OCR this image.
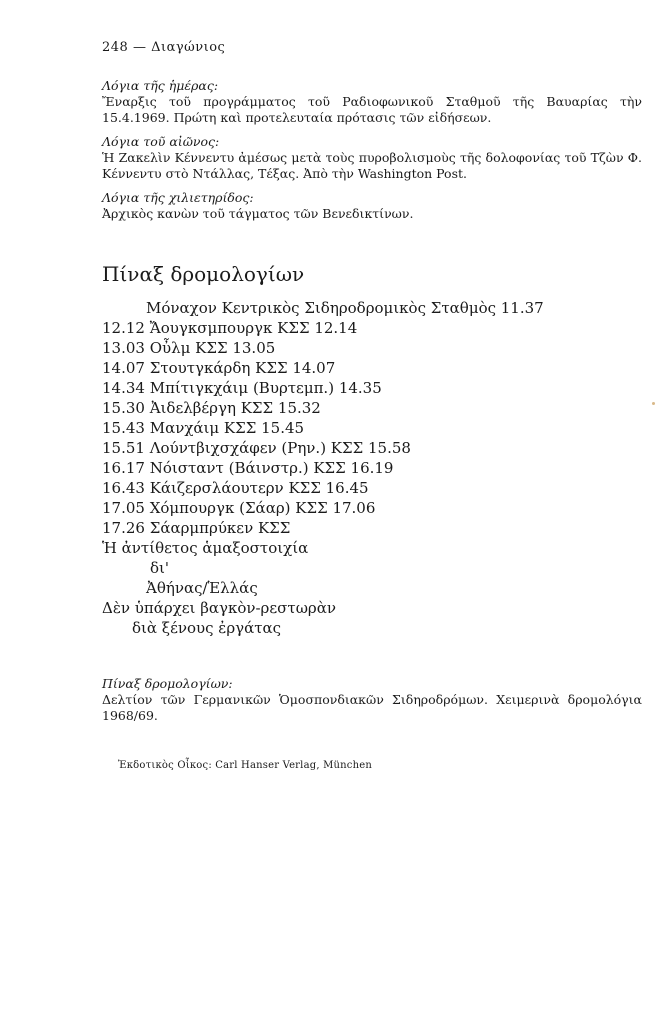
248 — Διαγώνιος
Λόγια τῆς ἡμέρας:
Ἔναρξις τοῦ προγράμματος τοῦ Ραδιοφωνικοῦ Σταθμοῦ τῆς Βαυαρίας τὴν 15.4.1969. Πρώτη καὶ προτελευταία πρότασις τῶν εἰδήσεων.
Λόγια τοῦ αἰῶνος:
Ἡ Ζακελὶν Κέννεντυ ἀμέσως μετὰ τοὺς πυροβολισμοὺς τῆς δολοφονίας τοῦ Τζὼν Φ. Κέννεντυ στὸ Ντάλλας, Τέξας. Ἀπὸ τὴν Washington Post.
Λόγια τῆς χιλιετηρίδος:
Ἀρχικὸς κανὼν τοῦ τάγματος τῶν Βενεδικτίνων.
Πίναξ δρομολογίων
Μόναχον Κεντρικὸς Σιδηροδρομικὸς Σταθμὸς 11.37
12.12 Ἄουγκσμπουργκ ΚΣΣ 12.14
13.03 Οὖλμ ΚΣΣ 13.05
14.07 Στουτγκάρδη ΚΣΣ 14.07
14.34 Μπίτιγκχάιμ (Βυρτεμπ.) 14.35
15.30 Ἀιδελβέργη ΚΣΣ 15.32
15.43 Μανχάιμ ΚΣΣ 15.45
15.51 Λούντβιχσχάφεν (Ρην.) ΚΣΣ 15.58
16.17 Νόισταντ (Βάινστρ.) ΚΣΣ 16.19
16.43 Κάιζερσλάουτερν ΚΣΣ 16.45
17.05 Χόμπουργκ (Σάαρ) ΚΣΣ 17.06
17.26 Σάαρμπρύκεν ΚΣΣ
Ἡ ἀντίθετος ἁμαξοστοιχία
δι'
Ἀθήνας/Ἑλλάς
Δὲν ὑπάρχει βαγκὸν-ρεστωρὰν
διὰ ξένους ἐργάτας
Πίναξ δρομολογίων:
Δελτίον τῶν Γερμανικῶν Ὁμοσπονδιακῶν Σιδηροδρόμων. Χειμερινὰ δρομολόγια 1968/69.
Ἐκδοτικὸς Οἶκος: Carl Hanser Verlag, München
